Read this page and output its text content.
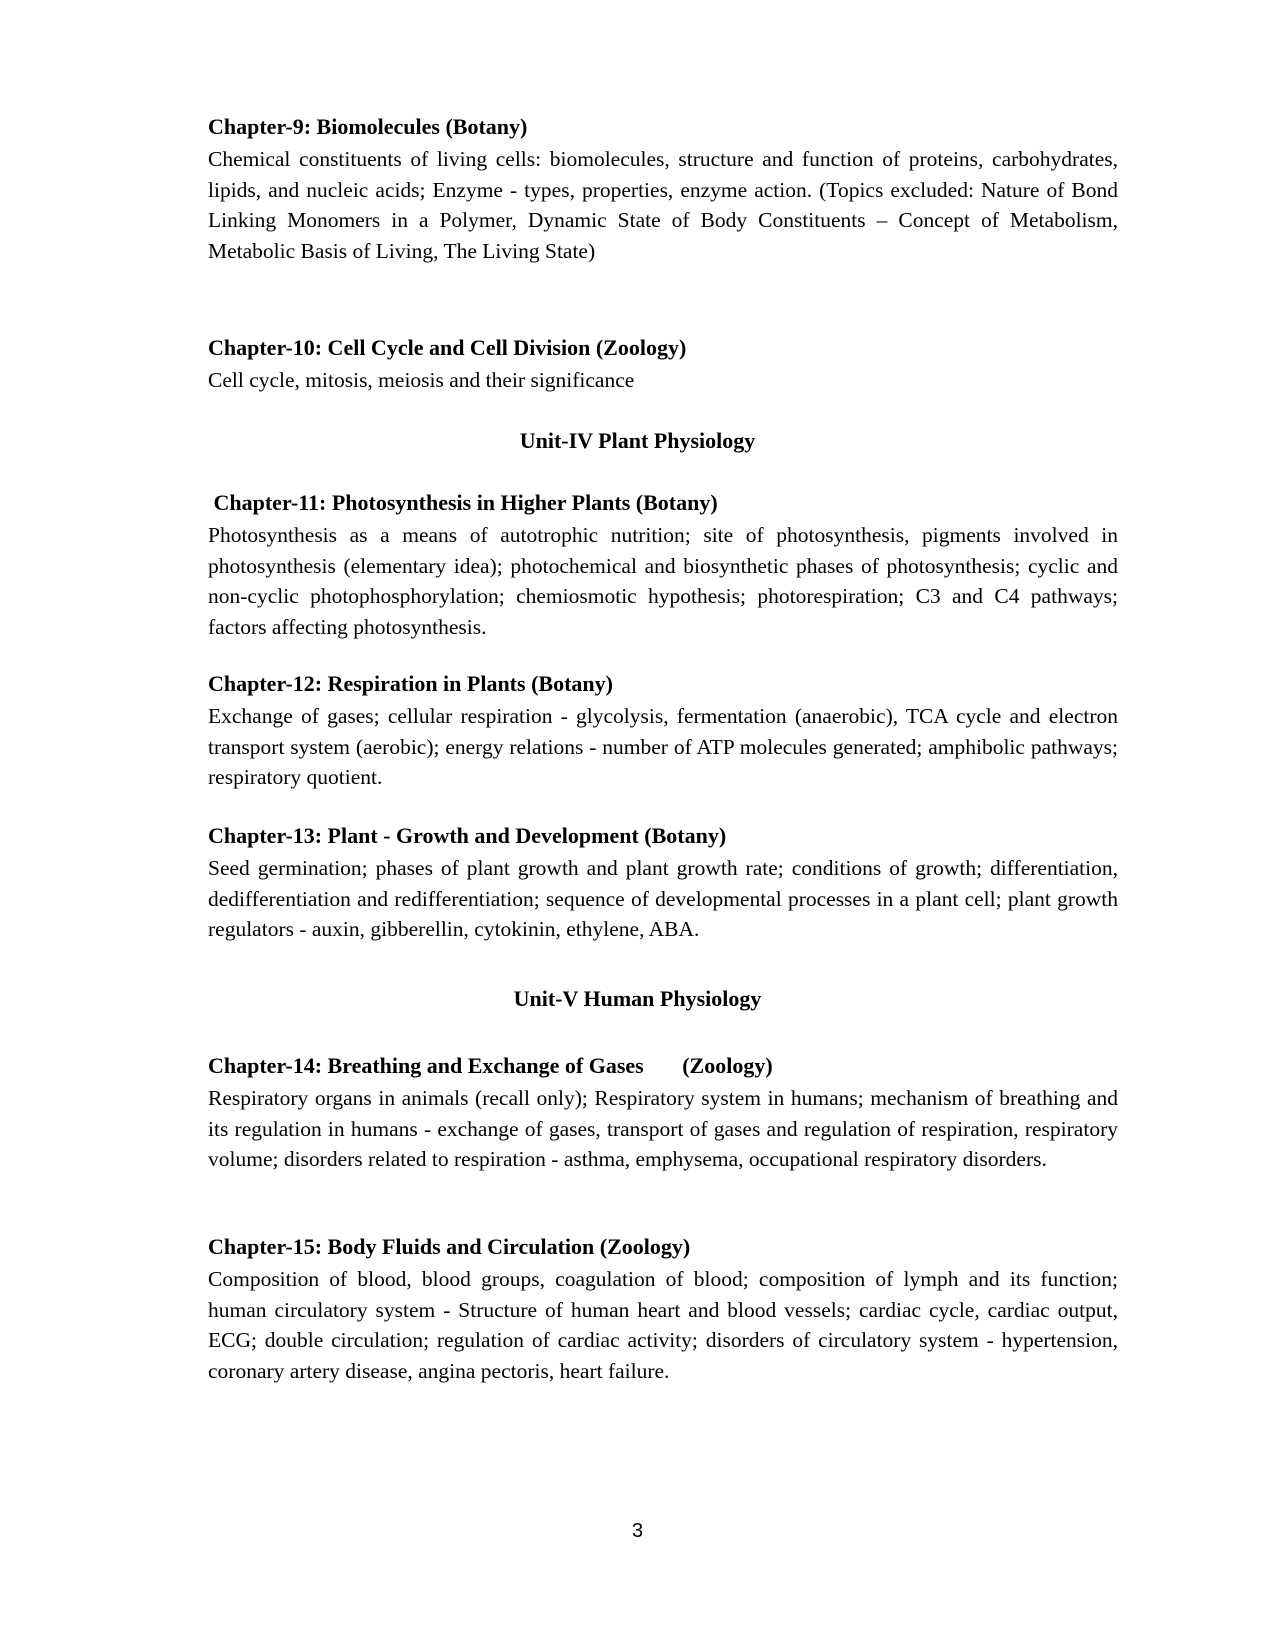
Chapter-9: Biomolecules (Botany)
Chemical constituents of living cells: biomolecules, structure and function of proteins, carbohydrates, lipids, and nucleic acids; Enzyme - types, properties, enzyme action. (Topics excluded: Nature of Bond Linking Monomers in a Polymer, Dynamic State of Body Constituents – Concept of Metabolism, Metabolic Basis of Living, The Living State)
Chapter-10: Cell Cycle and Cell Division (Zoology)
Cell cycle, mitosis, meiosis and their significance
Unit-IV Plant Physiology
Chapter-11: Photosynthesis in Higher Plants (Botany)
Photosynthesis as a means of autotrophic nutrition; site of photosynthesis, pigments involved in photosynthesis (elementary idea); photochemical and biosynthetic phases of photosynthesis; cyclic and non-cyclic photophosphorylation; chemiosmotic hypothesis; photorespiration; C3 and C4 pathways; factors affecting photosynthesis.
Chapter-12: Respiration in Plants (Botany)
Exchange of gases; cellular respiration - glycolysis, fermentation (anaerobic), TCA cycle and electron transport system (aerobic); energy relations - number of ATP molecules generated; amphibolic pathways; respiratory quotient.
Chapter-13: Plant - Growth and Development (Botany)
Seed germination; phases of plant growth and plant growth rate; conditions of growth; differentiation, dedifferentiation and redifferentiation; sequence of developmental processes in a plant cell; plant growth regulators - auxin, gibberellin, cytokinin, ethylene, ABA.
Unit-V Human Physiology
Chapter-14: Breathing and Exchange of Gases       (Zoology)
Respiratory organs in animals (recall only); Respiratory system in humans; mechanism of breathing and its regulation in humans - exchange of gases, transport of gases and regulation of respiration, respiratory volume; disorders related to respiration - asthma, emphysema, occupational respiratory disorders.
Chapter-15: Body Fluids and Circulation (Zoology)
Composition of blood, blood groups, coagulation of blood; composition of lymph and its function; human circulatory system - Structure of human heart and blood vessels; cardiac cycle, cardiac output, ECG; double circulation; regulation of cardiac activity; disorders of circulatory system - hypertension, coronary artery disease, angina pectoris, heart failure.
3
